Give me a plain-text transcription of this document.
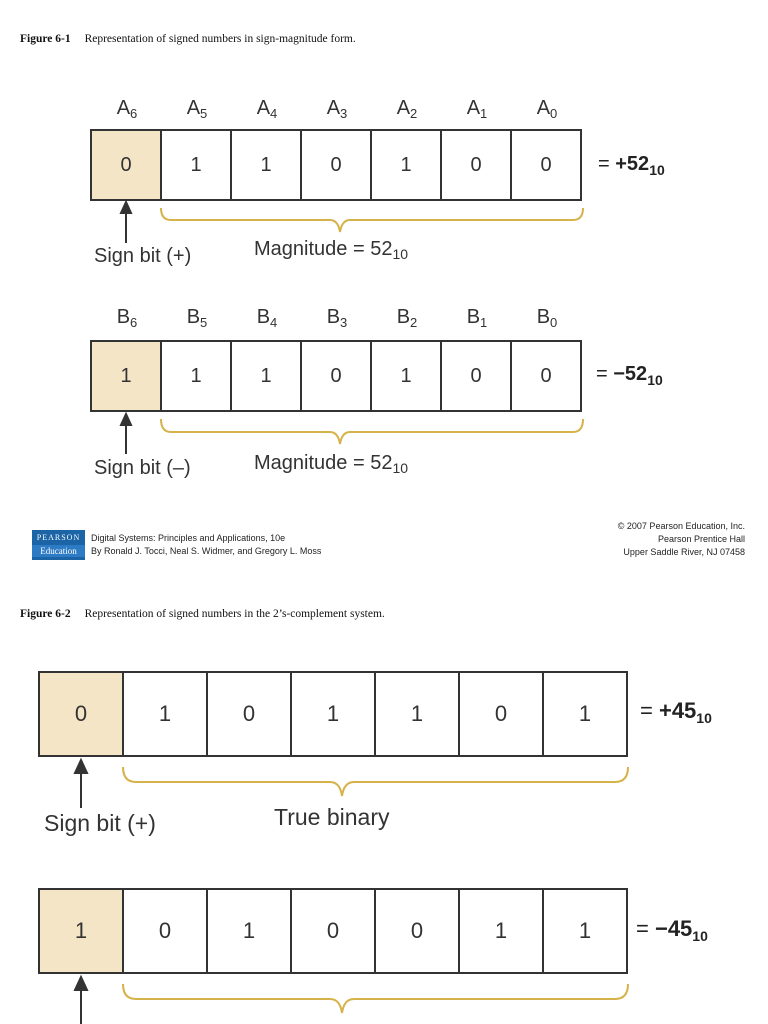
Figure 6-1 Representation of signed numbers in sign-magnitude form.
$A_6$	$A_5$	$A_4$	$A_3$	$A_2$	$A_1$	$A_0$
0	1	1	0	1	0	0	= $+52_{10}$
Sign bit (+)	Magnitude = $52_{10}$
$B_6$	$B_5$	$B_4$	$B_3$	$B_2$	$B_1$	$B_0$
1	1	1	0	1	0	0	= $-52_{10}$
Sign bit (–)	Magnitude = $52_{10}$
PEARSON
Education
Digital Systems: Principles and Applications, 10e
By Ronald J. Tocci, Neal S. Widmer, and Gregory L. Moss
© 2007 Pearson Education, Inc.
Pearson Prentice Hall
Upper Saddle River, NJ 07458
Figure 6-2 Representation of signed numbers in the 2’s-complement system.
0	1	0	1	1	0	1	= $+45_{10}$
Sign bit (+)	True binary
1	0	1	0	0	1	1	= $-45_{10}$
